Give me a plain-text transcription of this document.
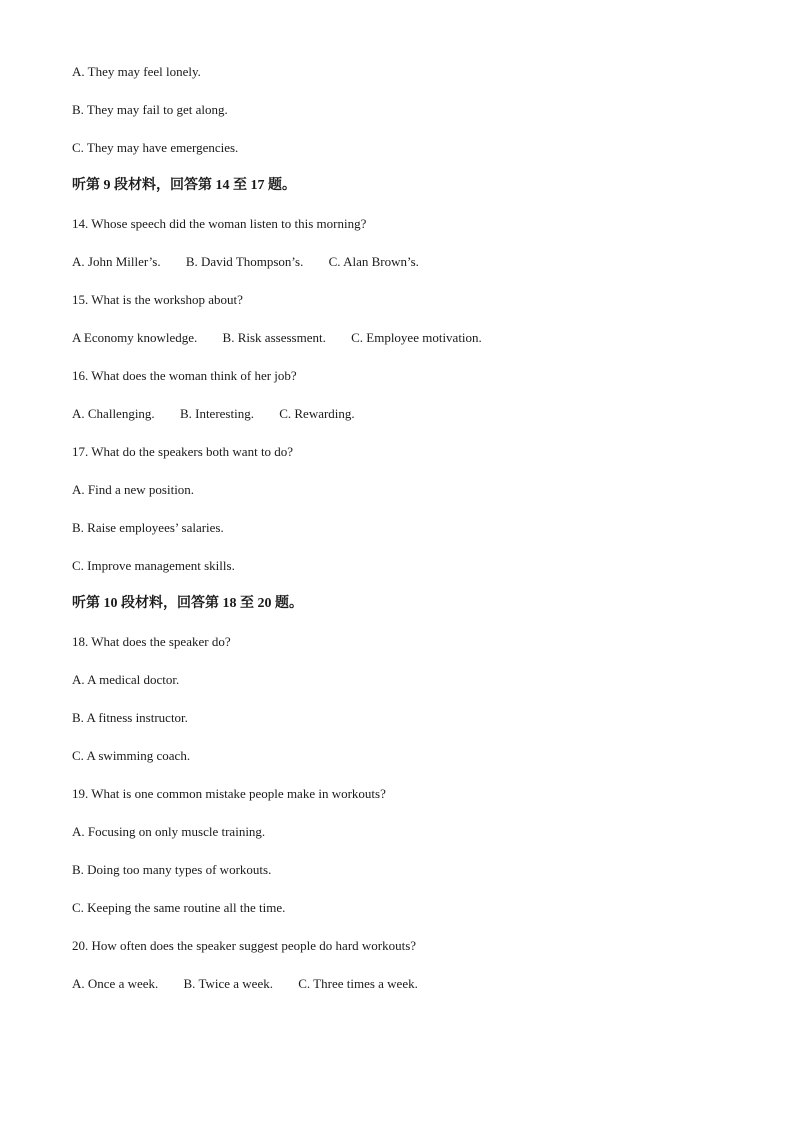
A. They may feel lonely.
B. They may fail to get along.
C. They may have emergencies.
听第 9 段材料，回答第 14 至 17 题。
14. Whose speech did the woman listen to this morning?
A. John Miller’s. B. David Thompson’s. C. Alan Brown’s.
15. What is the workshop about?
A Economy knowledge. B. Risk assessment. C. Employee motivation.
16. What does the woman think of her job?
A. Challenging. B. Interesting. C. Rewarding.
17. What do the speakers both want to do?
A. Find a new position.
B. Raise employees’ salaries.
C. Improve management skills.
听第 10 段材料，回答第 18 至 20 题。
18. What does the speaker do?
A. A medical doctor.
B. A fitness instructor.
C. A swimming coach.
19. What is one common mistake people make in workouts?
A. Focusing on only muscle training.
B. Doing too many types of workouts.
C. Keeping the same routine all the time.
20. How often does the speaker suggest people do hard workouts?
A. Once a week. B. Twice a week. C. Three times a week.
